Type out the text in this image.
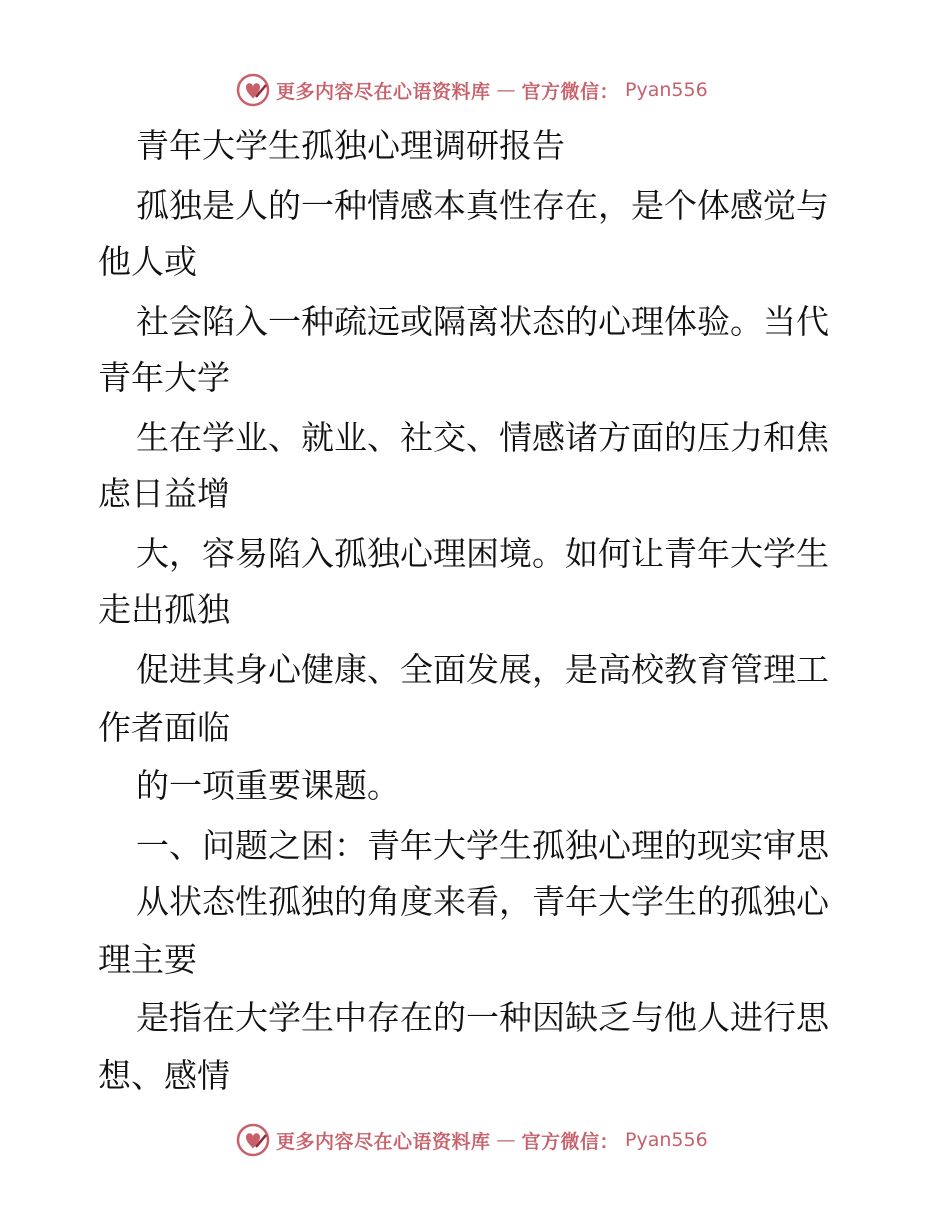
更多内容尽在心语资料库 — 官方微信： Pyan556
青年大学生孤独心理调研报告
孤独是人的一种情感本真性存在，是个体感觉与
他人或
社会陷入一种疏远或隔离状态的心理体验。当代
青年大学
生在学业、就业、社交、情感诸方面的压力和焦
虑日益增
大，容易陷入孤独心理困境。如何让青年大学生
走出孤独
促进其身心健康、全面发展，是高校教育管理工
作者面临
的一项重要课题。
一、问题之困：青年大学生孤独心理的现实审思
从状态性孤独的角度来看，青年大学生的孤独心
理主要
是指在大学生中存在的一种因缺乏与他人进行思
想、感情
更多内容尽在心语资料库 — 官方微信： Pyan556
